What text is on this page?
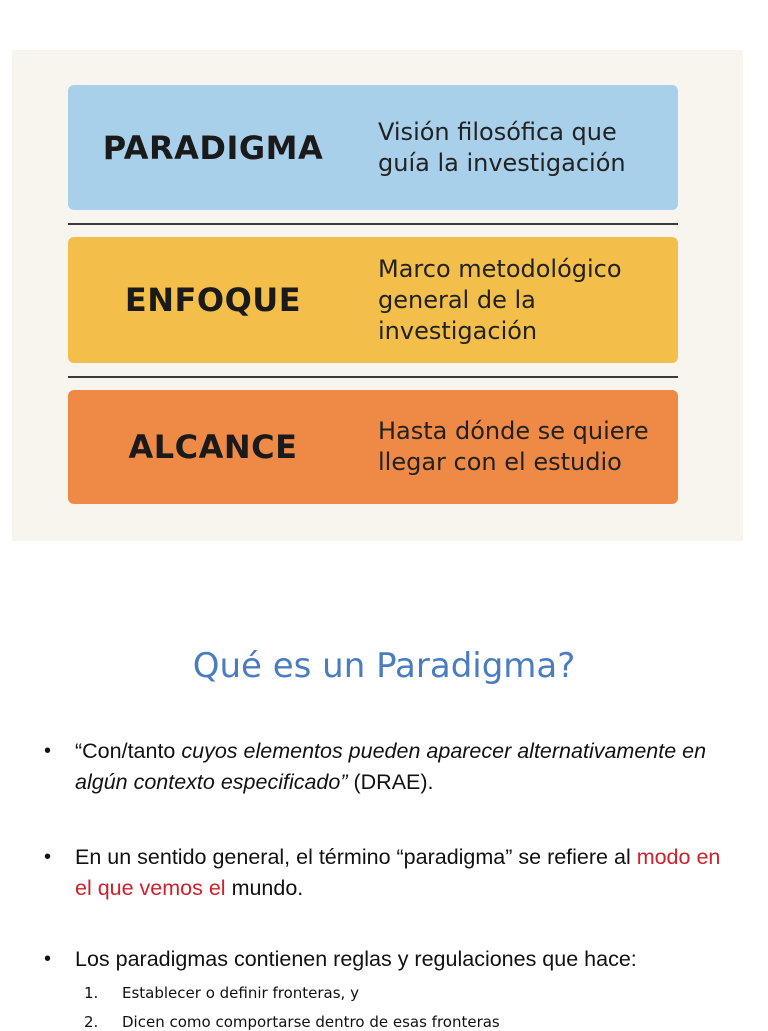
PARADIGMA	Visión filosófica que guía la investigación
ENFOQUE
Marco metodológico general de la investigación
ALCANCE	Hasta dónde se quiere llegar con el estudio
Qué es un Paradigma?
• “Con/tanto cuyos elementos pueden aparecer alternativamente en algún contexto especificado” (DRAE).
• En un sentido general, el término “paradigma” se refiere al modo en el que vemos el mundo.
• Los paradigmas contienen reglas y regulaciones que hace:
1. Establecer o definir fronteras, y
2. Dicen como comportarse dentro de esas fronteras
